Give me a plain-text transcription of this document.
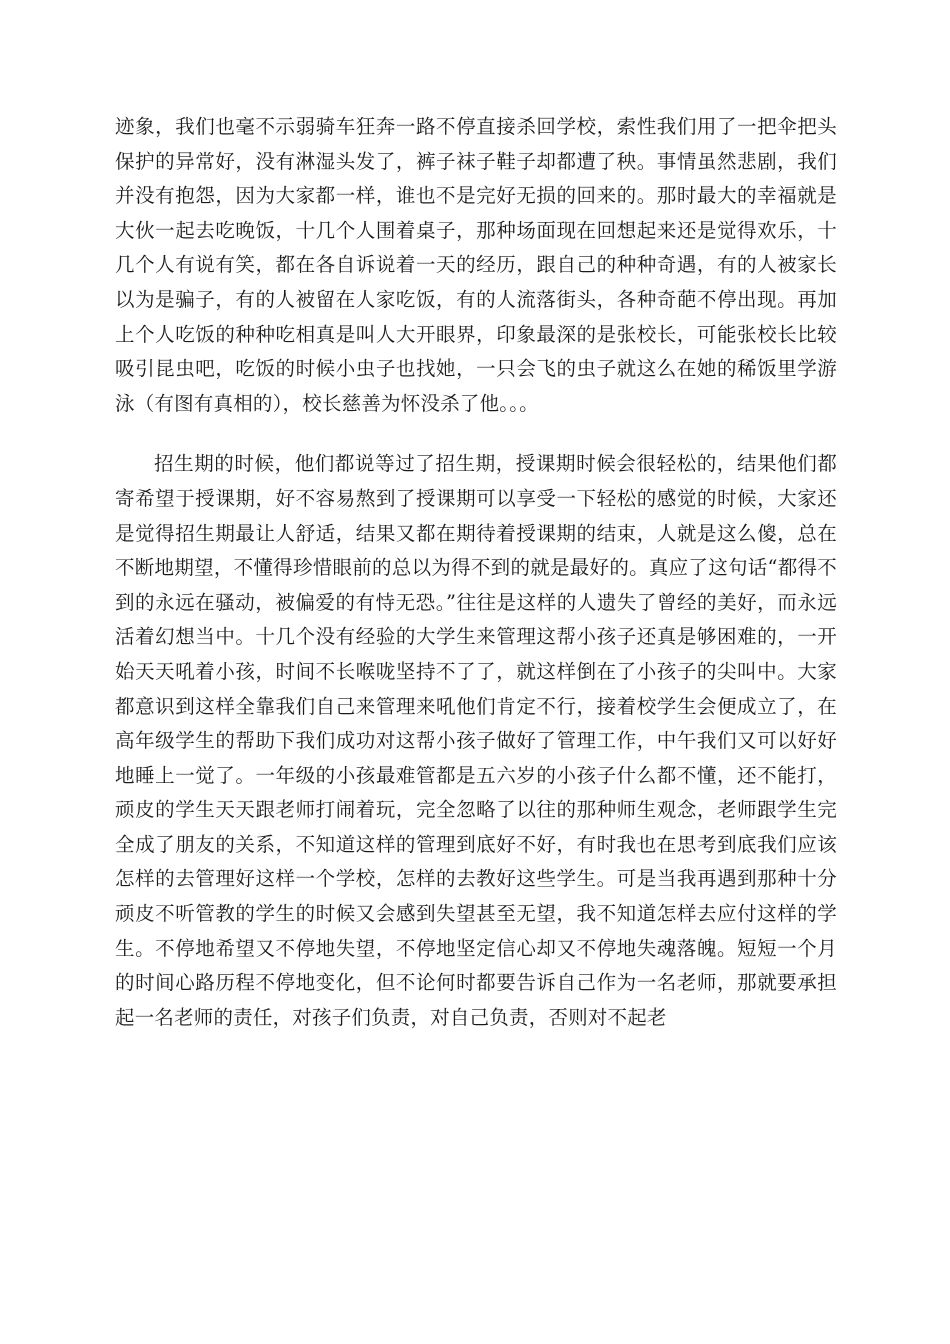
迹象，我们也毫不示弱骑车狂奔一路不停直接杀回学校，索性我们用了一把伞把头保护的异常好，没有淋湿头发了，裤子袜子鞋子却都遭了秧。事情虽然悲剧，我们并没有抱怨，因为大家都一样，谁也不是完好无损的回来的。那时最大的幸福就是大伙一起去吃晚饭，十几个人围着桌子，那种场面现在回想起来还是觉得欢乐，十几个人有说有笑，都在各自诉说着一天的经历，跟自己的种种奇遇，有的人被家长以为是骗子，有的人被留在人家吃饭，有的人流落街头，各种奇葩不停出现。再加上个人吃饭的种种吃相真是叫人大开眼界，印象最深的是张校长，可能张校长比较吸引昆虫吧，吃饭的时候小虫子也找她，一只会飞的虫子就这么在她的稀饭里学游泳（有图有真相的），校长慈善为怀没杀了他。。。

招生期的时候，他们都说等过了招生期，授课期时候会很轻松的，结果他们都寄希望于授课期，好不容易熬到了授课期可以享受一下轻松的感觉的时候，大家还是觉得招生期最让人舒适，结果又都在期待着授课期的结束，人就是这么傻，总在不断地期望，不懂得珍惜眼前的总以为得不到的就是最好的。真应了这句话“都得不到的永远在骚动，被偏爱的有恃无恐。”往往是这样的人遗失了曾经的美好，而永远活着幻想当中。十几个没有经验的大学生来管理这帮小孩子还真是够困难的，一开始天天吼着小孩，时间不长喉咙坚持不了了，就这样倒在了小孩子的尖叫中。大家都意识到这样全靠我们自己来管理来吼他们肯定不行，接着校学生会便成立了，在高年级学生的帮助下我们成功对这帮小孩子做好了管理工作，中午我们又可以好好地睡上一觉了。一年级的小孩最难管都是五六岁的小孩子什么都不懂，还不能打，顽皮的学生天天跟老师打闹着玩，完全忽略了以往的那种师生观念，老师跟学生完全成了朋友的关系，不知道这样的管理到底好不好，有时我也在思考到底我们应该怎样的去管理好这样一个学校，怎样的去教好这些学生。可是当我再遇到那种十分顽皮不听管教的学生的时候又会感到失望甚至无望，我不知道怎样去应付这样的学生。不停地希望又不停地失望，不停地坚定信心却又不停地失魂落魄。短短一个月的时间心路历程不停地变化，但不论何时都要告诉自己作为一名老师，那就要承担起一名老师的责任，对孩子们负责，对自己负责，否则对不起老
